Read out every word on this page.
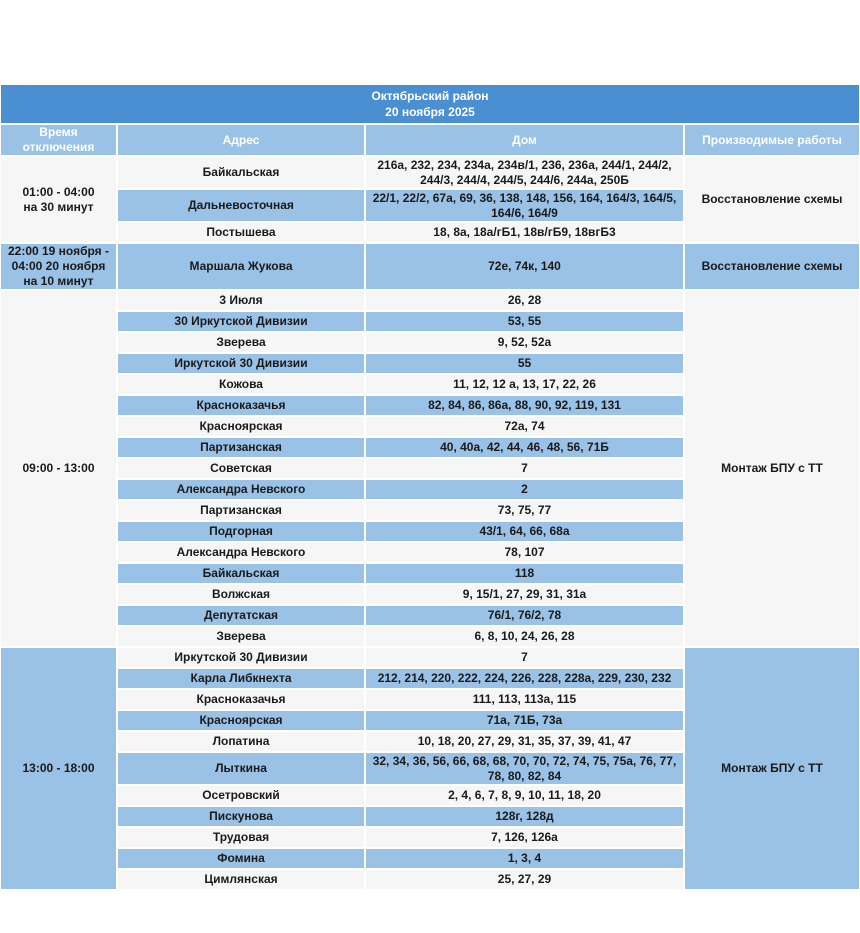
Октябрьский район
20 ноября 2025			

Время отключения	Адрес	Дом	Производимые работы

01:00 - 04:00
на 30 минут	Байкальская	216а, 232, 234, 234а, 234в/1, 236, 236а, 244/1, 244/2, 244/3, 244/4, 244/5, 244/6, 244а, 250Б	Восстановление схемы
	Дальневосточная	22/1, 22/2, 67а, 69, 36, 138, 148, 156, 164, 164/3, 164/5, 164/6, 164/9	
	Постышева	18, 8а, 18а/гБ1, 18в/гБ9, 18вгБ3	

22:00 19 ноября -
04:00 20 ноября
на 10 минут	Маршала Жукова	72е, 74к, 140	Восстановление схемы

09:00 - 13:00	3 Июля	26, 28	Монтаж БПУ с ТТ
	30 Иркутской Дивизии	53, 55	
	Зверева	9, 52, 52а	
	Иркутской 30 Дивизии	55	
	Кожова	11, 12, 12 а, 13, 17, 22, 26	
	Красноказачья	82, 84, 86, 86а, 88, 90, 92, 119, 131	
	Красноярская	72а, 74	
	Партизанская	40, 40а, 42, 44, 46, 48, 56, 71Б	
	Советская	7	
	Александра Невского	2	
	Партизанская	73, 75, 77	
	Подгорная	43/1, 64, 66, 68а	
	Александра Невского	78, 107	
	Байкальская	118	
	Волжская	9, 15/1, 27, 29, 31, 31а	
	Депутатская	76/1, 76/2, 78	
	Зверева	6, 8, 10, 24, 26, 28	

13:00 - 18:00	Иркутской 30 Дивизии	7	Монтаж БПУ с ТТ
	Карла Либкнехта	212, 214, 220, 222, 224, 226, 228, 228а, 229, 230, 232	
	Красноказачья	111, 113, 113а, 115	
	Красноярская	71а, 71Б, 73а	
	Лопатина	10, 18, 20, 27, 29, 31, 35, 37, 39, 41, 47	
	Лыткина	32, 34, 36, 56, 66, 68, 68, 70, 70, 72, 74, 75, 75а, 76, 77, 78, 80, 82, 84	
	Осетровский	2, 4, 6, 7, 8, 9, 10, 11, 18, 20	
	Пискунова	128г, 128д	
	Трудовая	7, 126, 126а	
	Фомина	1, 3, 4	
	Цимлянская	25, 27, 29	
